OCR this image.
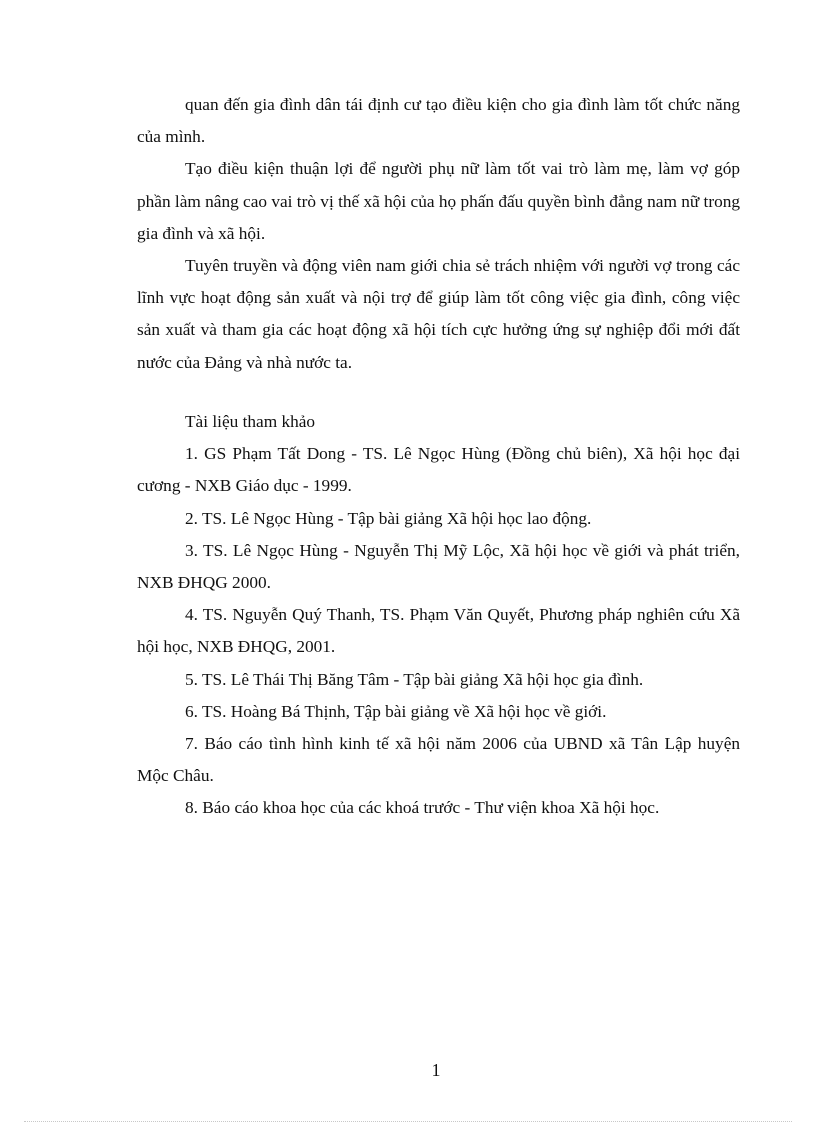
quan đến gia đình dân tái định cư tạo điều kiện cho gia đình làm tốt chức năng của mình.

Tạo điều kiện thuận lợi để người phụ nữ làm tốt vai trò làm mẹ, làm vợ góp phần làm nâng cao vai trò vị thế xã hội của họ phấn đấu quyền bình đẳng nam nữ trong gia đình và xã hội.

Tuyên truyền và động viên nam giới chia sẻ trách nhiệm với người vợ trong các lĩnh vực hoạt động sản xuất và nội trợ để giúp làm tốt công việc gia đình, công việc sản xuất và tham gia các hoạt động xã hội tích cực hưởng ứng sự nghiệp đổi mới đất nước của Đảng và nhà nước ta.

Tài liệu tham khảo

1. GS Phạm Tất Dong - TS. Lê Ngọc Hùng (Đồng chủ biên), Xã hội học đại cương - NXB Giáo dục - 1999.

2. TS. Lê Ngọc Hùng - Tập bài giảng Xã hội học lao động.

3. TS. Lê Ngọc Hùng - Nguyễn Thị Mỹ Lộc, Xã hội học về giới và phát triển, NXB ĐHQG 2000.

4. TS. Nguyễn Quý Thanh, TS. Phạm Văn Quyết, Phương pháp nghiên cứu Xã hội học, NXB ĐHQG, 2001.

5. TS. Lê Thái Thị Băng Tâm - Tập bài giảng Xã hội học gia đình.

6. TS. Hoàng Bá Thịnh, Tập bài giảng về Xã hội học về giới.

7. Báo cáo tình hình kinh tế xã hội năm 2006 của UBND xã Tân Lập huyện Mộc Châu.

8. Báo cáo khoa học của các khoá trước - Thư viện khoa Xã hội học.

1
